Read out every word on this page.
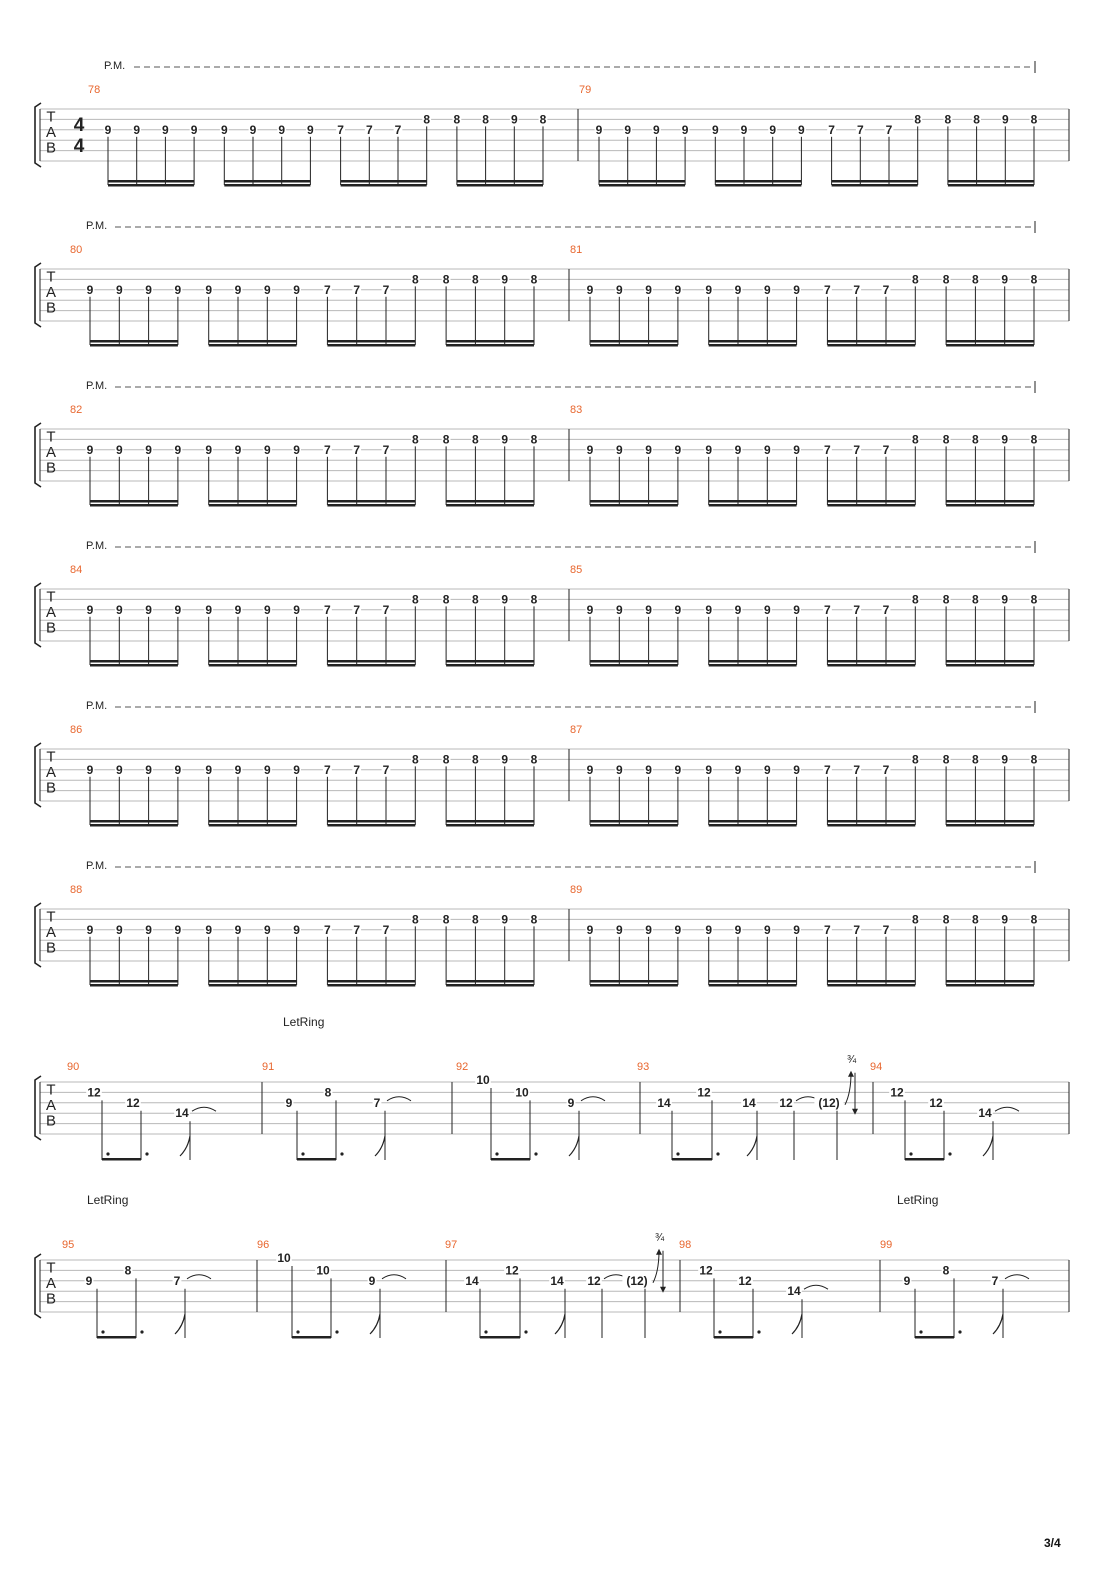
T
A
B
P.M.
4
4
78
9 9 9 9 9 9 9 9 7 7 7
8 8 8 9 8
79
9 9 9 9 9 9 9 9 7 7 7
8 8 8 9 8
T
A
B
P.M.
80
9 9 9 9 9 9 9 9 7 7 7
8 8 8 9 8
81
9 9 9 9 9 9 9 9 7 7 7
8 8 8 9 8
T
A
B
P.M.
82
9 9 9 9 9 9 9 9 7 7 7
8 8 8 9 8
83
9 9 9 9 9 9 9 9 7 7 7
8 8 8 9 8
T
A
B
P.M.
84
9 9 9 9 9 9 9 9 7 7 7
8 8 8 9 8
85
9 9 9 9 9 9 9 9 7 7 7
8 8 8 9 8
T
A
B
P.M.
86
9 9 9 9 9 9 9 9 7 7 7
8 8 8 9 8
87
9 9 9 9 9 9 9 9 7 7 7
8 8 8 9 8
T
A
B
P.M.
88
9 9 9 9 9 9 9 9 7 7 7
8 8 8 9 8
89
9 9 9 9 9 9 9 9 7 7 7
8 8 8 9 8
T
A
B
LetRing
90
12
12
14
91
9
8
7
92
10
10
9
93
14
12
14 12 (12)
¾
94
12
12
14
T
A
B
LetRing	LetRing
95
9
8
7
96
10
10
9
97
14
12
14 12 (12)
¾
98
12
12
14
99
9
8
7
3/4
